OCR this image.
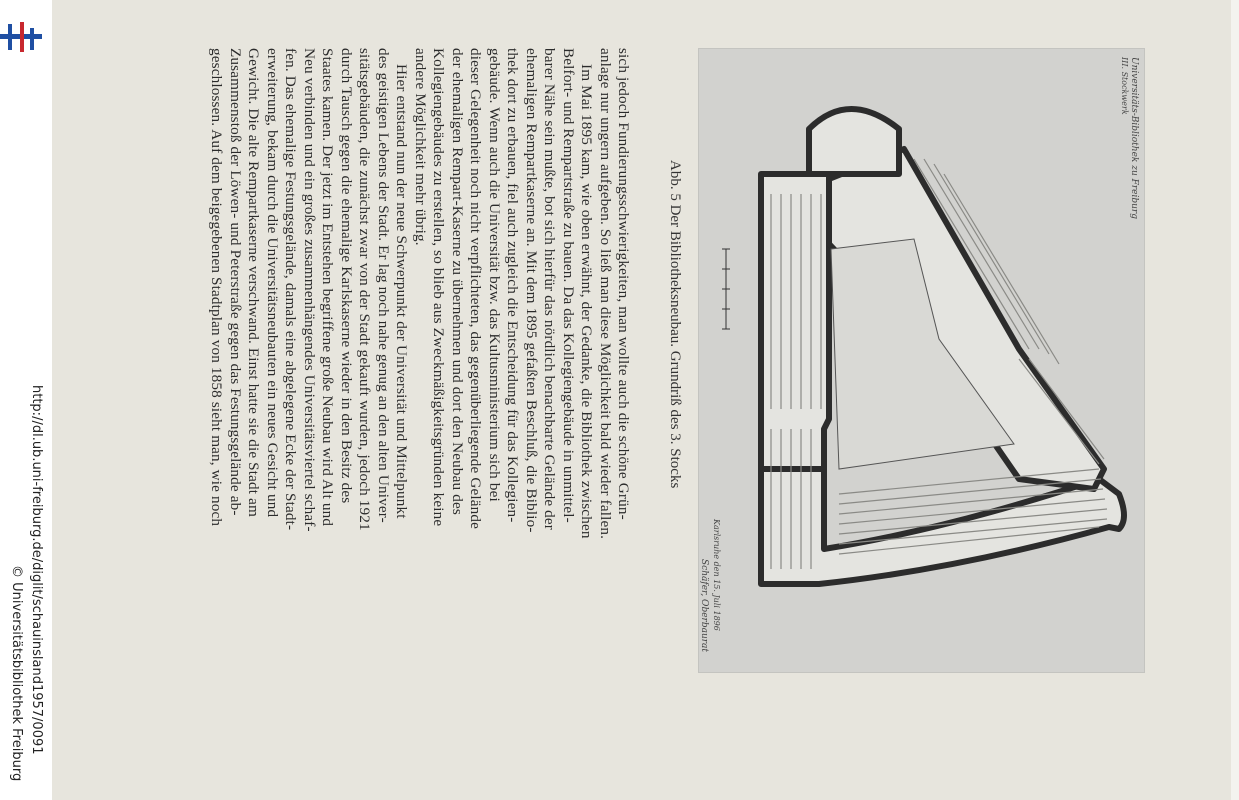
http://dl.ub.uni-freiburg.de/diglit/schauinsland1957/0091
© Universitätsbibliothek Freiburg
sich jedoch Fundierungsschwierigkeiten, man wollte auch die schöne Grün-
anlage nur ungern aufgeben. So ließ man diese Möglichkeit bald wieder fallen.
Im Mai 1895 kam, wie oben erwähnt, der Gedanke, die Bibliothek zwischen
Belfort- und Rempartstraße zu bauen. Da das Kollegiengebäude in unmittel-
barer Nähe sein mußte, bot sich hierfür das nördlich benachbarte Gelände der
ehemaligen Rempartkaserne an. Mit dem 1895 gefaßten Beschluß, die Biblio-
thek dort zu erbauen, fiel auch zugleich die Entscheidung für das Kollegien-
gebäude. Wenn auch die Universität bzw. das Kultusministerium sich bei
dieser Gelegenheit noch nicht verpflichteten, das gegenüberliegende Gelände
der ehemaligen Rempart-Kaserne zu übernehmen und dort den Neubau des
Kollegiengebäudes zu erstellen, so blieb aus Zweckmäßigkeitsgründen keine
andere Möglichkeit mehr übrig.
Hier entstand nun der neue Schwerpunkt der Universität und Mittelpunkt
des geistigen Lebens der Stadt. Er lag noch nahe genug an den alten Univer-
sitätsgebäuden, die zunächst zwar von der Stadt gekauft wurden, jedoch 1921
durch Tausch gegen die ehemalige Karlskaserne wieder in den Besitz des
Staates kamen. Der jetzt im Entstehen begriffene große Neubau wird Alt und
Neu verbinden und ein großes zusammenhängendes Universitätsviertel schaf-
fen. Das ehemalige Festungsgelände, damals eine abgelegene Ecke der Stadt-
erweiterung, bekam durch die Universitätsneubauten ein neues Gesicht und
Gewicht. Die alte Rempartkaserne verschwand. Einst hatte sie die Stadt am
Zusammenstoß der Löwen- und Peterstraße gegen das Festungsgelände ab-
geschlossen. Auf dem beigegebenen Stadtplan von 1858 sieht man, wie noch	Abb. 5 Der Bibliotheksneubau. Grundriß des 3. Stocks
Universitäts-Bibliothek zu Freiburg
III. Stockwerk
Karlsruhe den 15. Juli 1896
Schäfer, Oberbaurat
